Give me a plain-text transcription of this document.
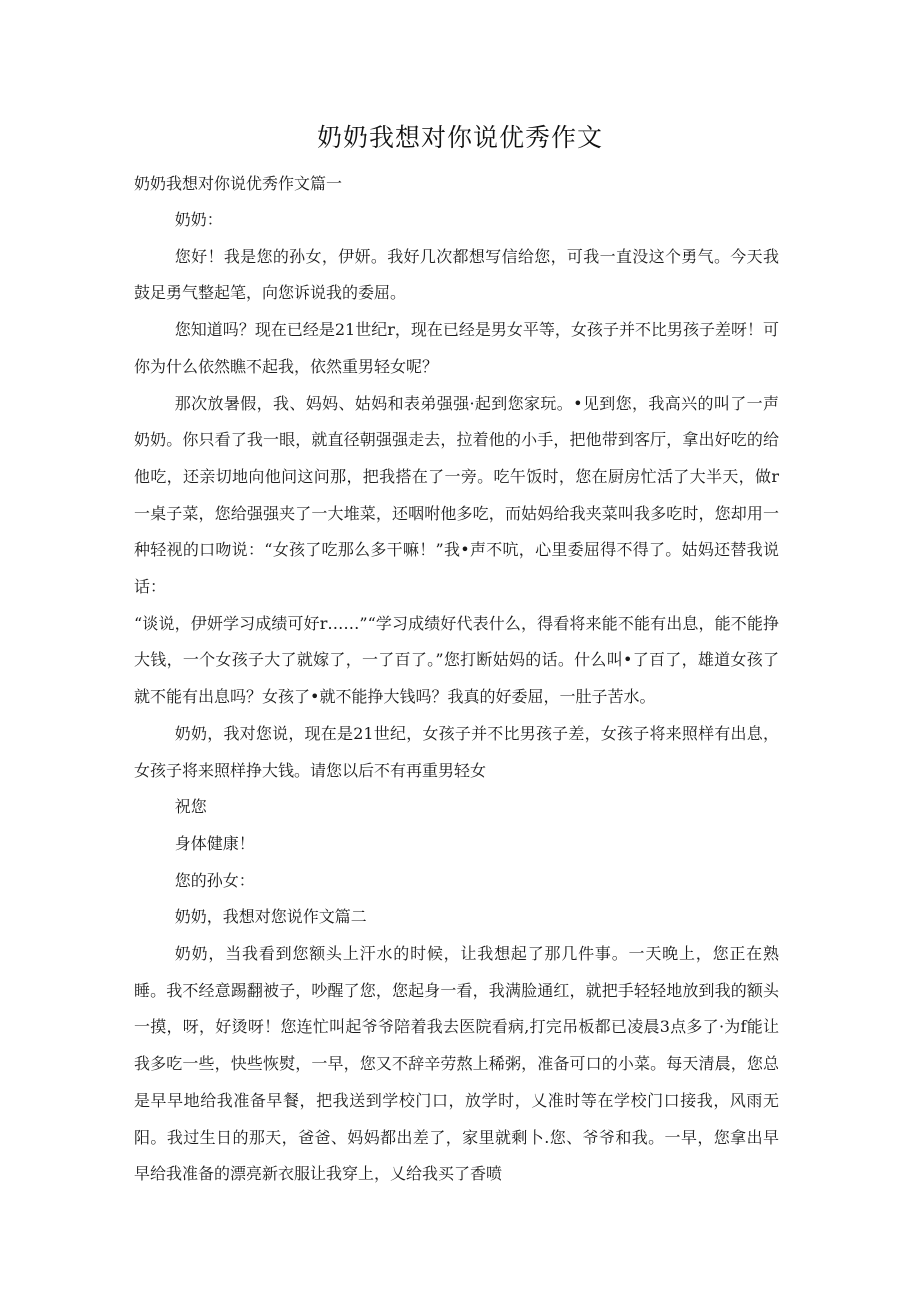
奶奶我想对你说优秀作文
奶奶我想对你说优秀作文篇一

奶奶：

您好！我是您的孙女，伊妍。我好几次都想写信给您，可我一直没这个勇气。今天我鼓足勇气整起笔，向您诉说我的委屈。

您知道吗？现在已经是21世纪r，现在已经是男女平等，女孩子并不比男孩子差呀！可你为什么依然瞧不起我，依然重男轻女呢？

那次放暑假，我、妈妈、姑妈和表弟强强·起到您家玩。•见到您，我高兴的叫了一声奶奶。你只看了我一眼，就直径朝强强走去，拉着他的小手，把他带到客厅，拿出好吃的给他吃，还亲切地向他问这问那，把我搭在了一旁。吃午饭时，您在厨房忙活了大半天，做r一桌子菜，您给强强夹了一大堆菜，还咽咐他多吃，而姑妈给我夹菜叫我多吃时，您却用一种轻视的口吻说：“女孩了吃那么多干嘛！”我•声不吭，心里委屈得不得了。姑妈还替我说话：

“谈说，伊妍学习成绩可好r……”“学习成绩好代表什么，得看将来能不能有出息，能不能挣大钱，一个女孩子大了就嫁了，一了百了。”您打断姑妈的话。什么叫•了百了，雄道女孩了就不能有出息吗？女孩了•就不能挣大钱吗？我真的好委屈，一肚子苦水。

奶奶，我对您说，现在是21世纪，女孩子并不比男孩子差，女孩子将来照样有出息，女孩子将来照样挣大钱。请您以后不有再重男轻女

祝您

身体健康！

您的孙女：

奶奶，我想对您说作文篇二

奶奶，当我看到您额头上汗水的时候，让我想起了那几件事。一天晚上，您正在熟睡。我不经意踢翻被子，吵醒了您，您起身一看，我满脸通红，就把手轻轻地放到我的额头一摸，呀，好烫呀！您连忙叫起爷爷陪着我去医院看病,打完吊板都已凌晨3点多了·为f能让我多吃一些，快些恢熨，一早，您又不辞辛劳熬上稀粥，准备可口的小菜。每天清晨，您总是早早地给我准备早餐，把我送到学校门口，放学时，乂准时等在学校门口接我，风雨无阳。我过生日的那天，爸爸、妈妈都出差了，家里就剩卜.您、爷爷和我。一早，您拿出早早给我准备的漂亮新衣服让我穿上，乂给我买了香喷
